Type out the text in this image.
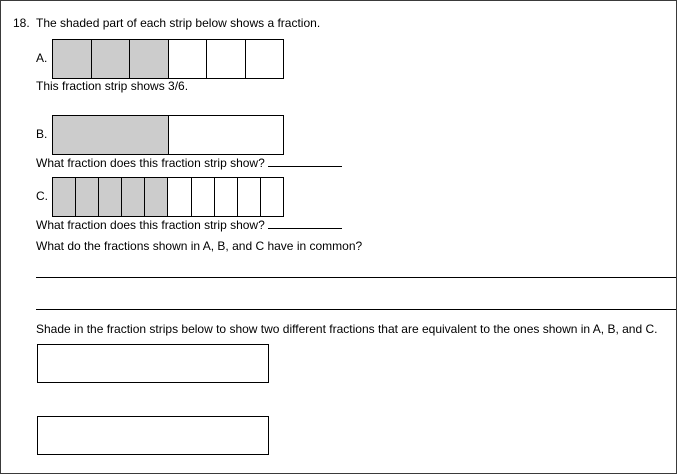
18. The shaded part of each strip below shows a fraction.
A.
This fraction strip shows 3/6.
B.
What fraction does this fraction strip show?
C.
What fraction does this fraction strip show?
What do the fractions shown in A, B, and C have in common?
Shade in the fraction strips below to show two different fractions that are equivalent to the ones shown in A, B, and C.
